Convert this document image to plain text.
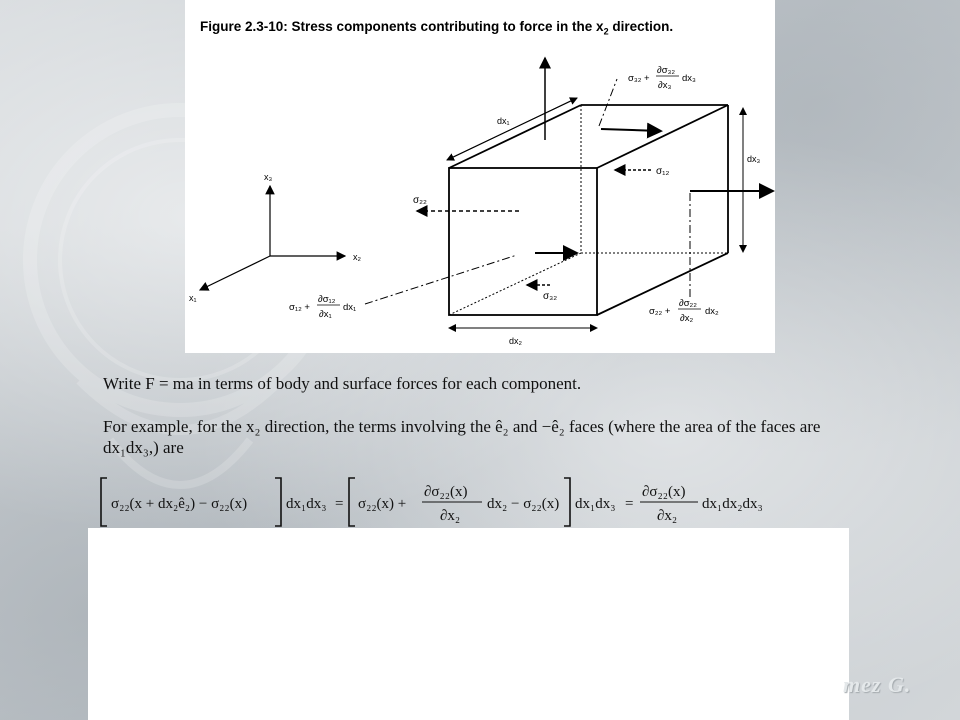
Figure 2.3-10: Stress components contributing to force in the $x_2$ direction.
x₃
x₂
x₁
dx₁
dx₂
dx₃
σ₂₂
σ₁₂
σ₃₂
σ₃₂ +
∂σ₃₂
∂x₃
dx₃
σ₁₂ +
∂σ₁₂
∂x₁
dx₁	σ₂₂ +
∂σ₂₂
∂x₂
dx₂
Write F = ma in terms of body and surface forces for each component.
For example, for the x₂ direction, the terms involving the ê₂ and −ê₂ faces (where the area of the faces are
dx₁dx₃,) are
σ₂₂(x + dx₂ê₂) − σ₂₂(x)	dx₁dx₃ = σ₂₂(x) +
∂σ₂₂(x)
∂x₂
dx₂ − σ₂₂(x) dx₁dx₃ =
∂σ₂₂(x)
∂x₂
dx₁dx₂dx₃
mez G.
